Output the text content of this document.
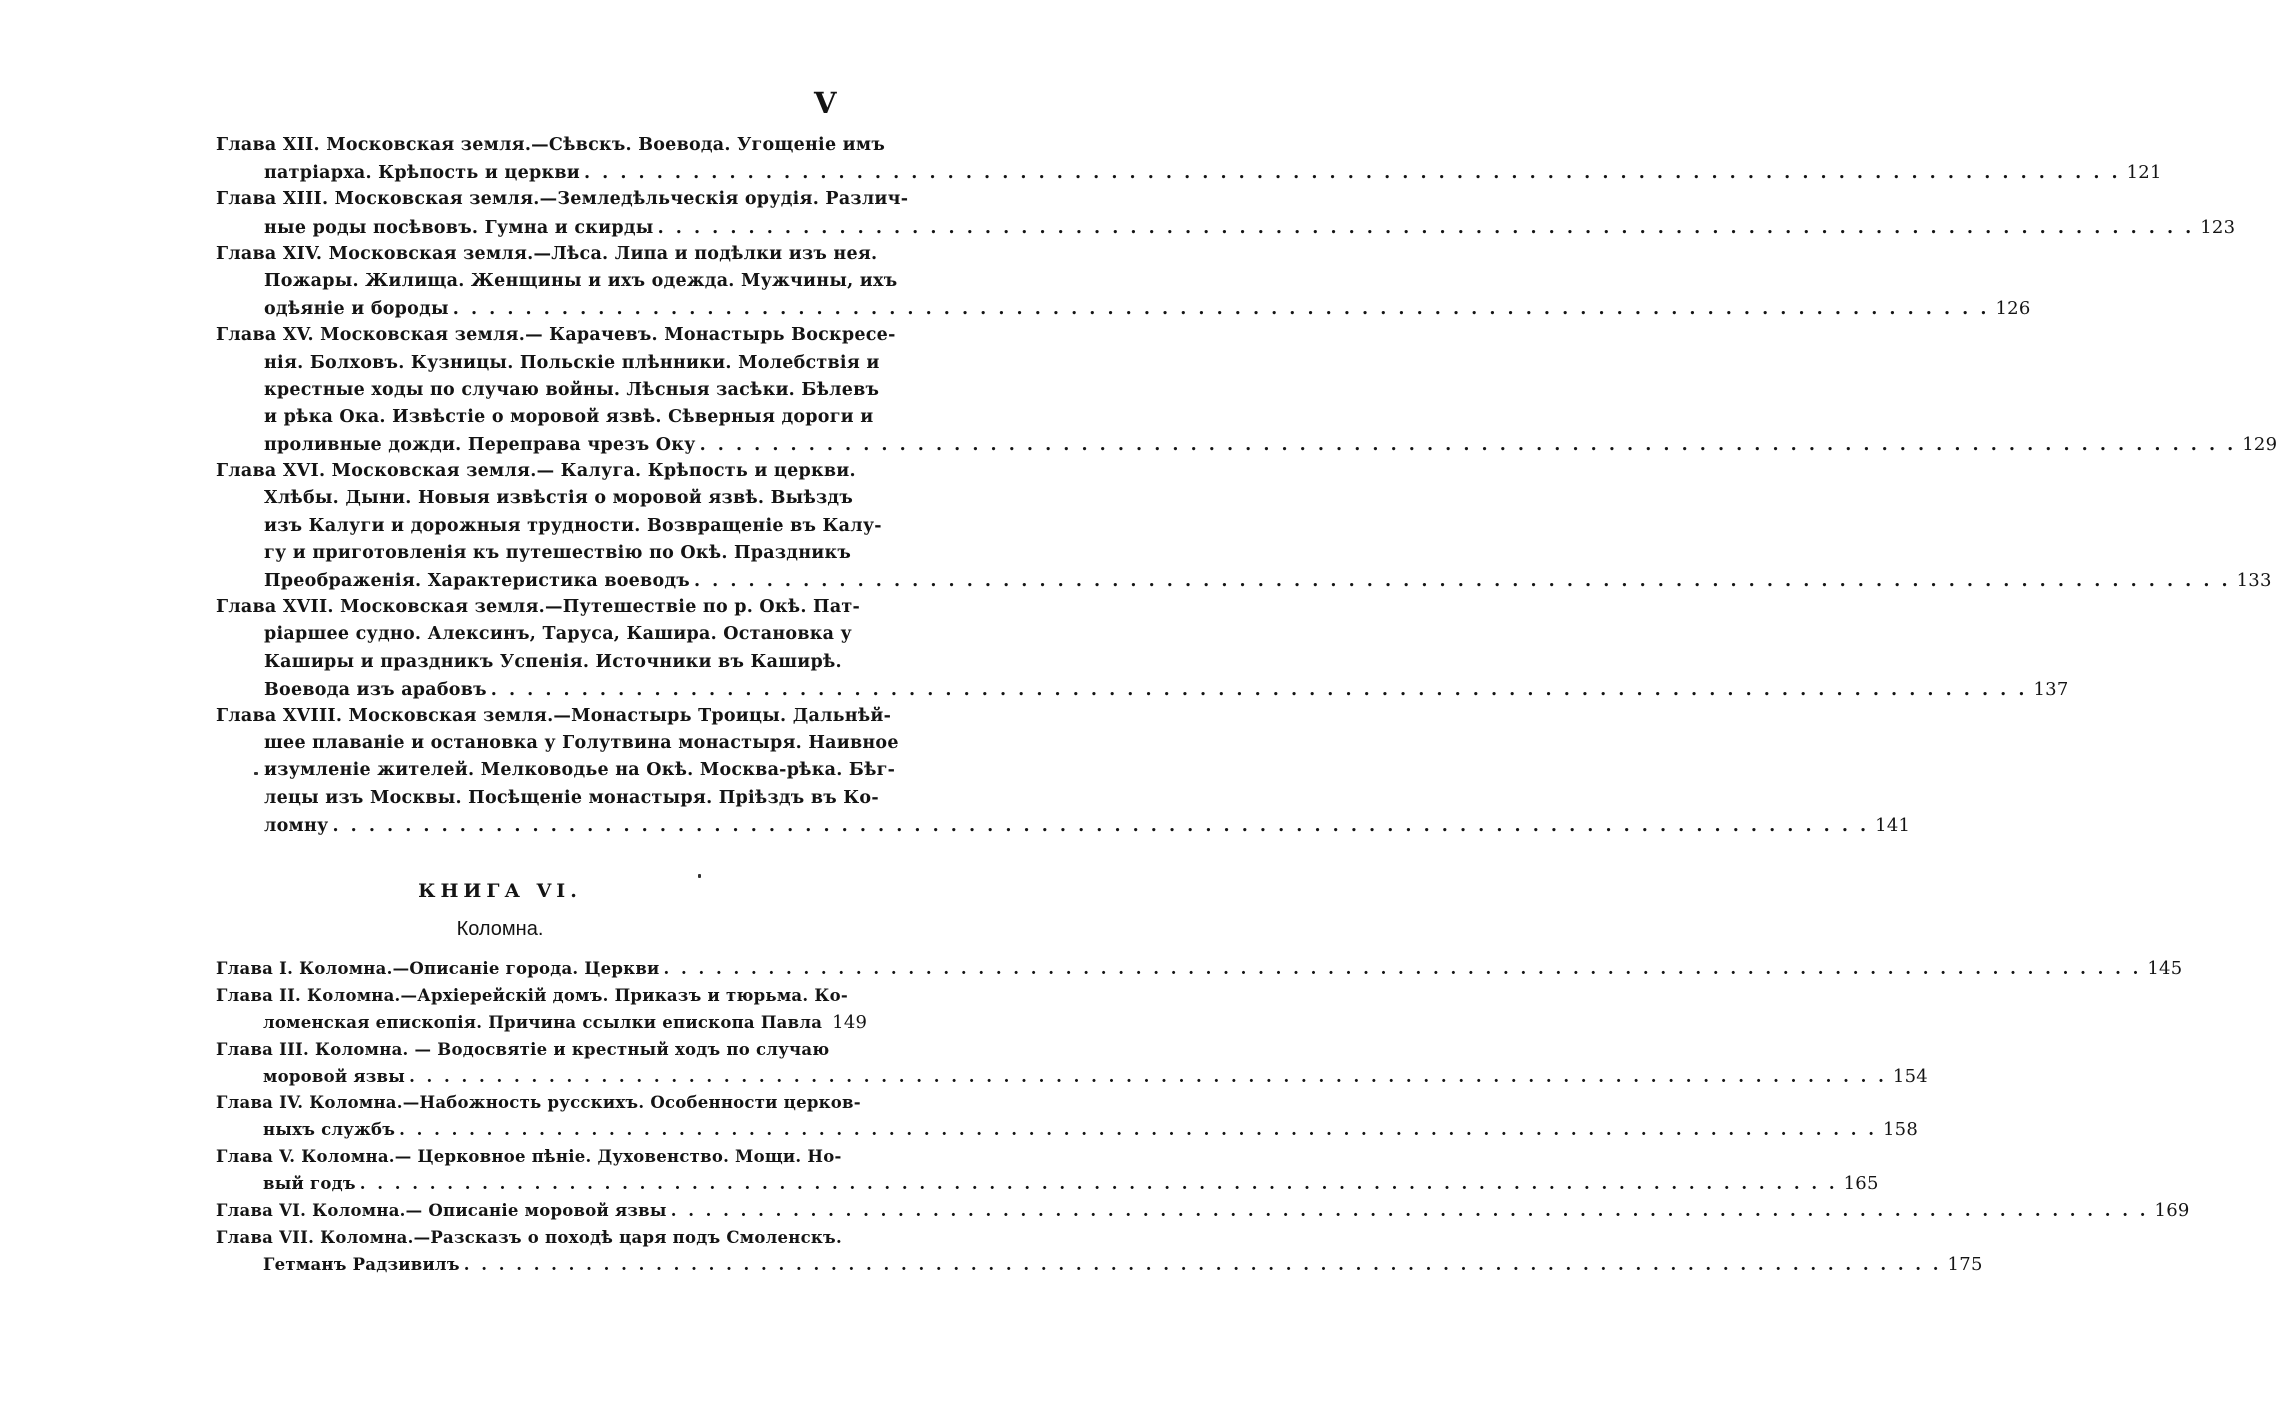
V
Глава XII. Московская земля.—Сѣвскъ. Воевода. Угощеніе имъ
патріарха. Крѣпость и церкви . . .	121
Глава XIII. Московская земля.—Земледѣльческія орудія. Различ-
ные роды посѣвовъ. Гумна и скирды . . .	123
Глава XIV. Московская земля.—Лѣса. Липа и подѣлки изъ нея.
Пожары. Жилища. Женщины и ихъ одежда. Мужчины, ихъ
одѣяніе и бороды . . .	126
Глава XV. Московская земля.— Карачевъ. Монастырь Воскресе-
нія. Болховъ. Кузницы. Польскіе плѣнники. Молебствія и
крестные ходы по случаю войны. Лѣсныя засѣки. Бѣлевъ
и рѣка Ока. Извѣстіе о моровой язвѣ. Сѣверныя дороги и
проливные дожди. Переправа чрезъ Оку . . .	129
Глава XVI. Московская земля.— Калуга. Крѣпость и церкви.
Хлѣбы. Дыни. Новыя извѣстія о моровой язвѣ. Выѣздъ
изъ Калуги и дорожныя трудности. Возвращеніе въ Калу-
гу и приготовленія къ путешествію по Окѣ. Праздникъ
Преображенія. Характеристика воеводъ . . .	133
Глава XVII. Московская земля.—Путешествіе по р. Окѣ. Пат-
ріаршее судно. Алексинъ, Таруса, Кашира. Остановка у
Каширы и праздникъ Успенія. Источники въ Каширѣ.
Воевода изъ арабовъ . . .	137
Глава XVIII. Московская земля.—Монастырь Троицы. Дальнѣй-
шее плаваніе и остановка у Голутвина монастыря. Наивное
изумленіе жителей. Мелководье на Окѣ. Москва-рѣка. Бѣг-
лецы изъ Москвы. Посѣщеніе монастыря. Пріѣздъ въ Ко-
ломну . . .	141
КНИГА VI.
Коломна.
Глава I. Коломна.—Описаніе города. Церкви . . .	145
Глава II. Коломна.—Архіерейскій домъ. Приказъ и тюрьма. Ко-
ломенская епископія. Причина ссылки епископа Павла 149
Глава III. Коломна. — Водосвятіе и крестный ходъ по случаю
моровой язвы . . .	154
Глава IV. Коломна.—Набожность русскихъ. Особенности церков-
ныхъ службъ . . .	158
Глава V. Коломна.— Церковное пѣніе. Духовенство. Мощи. Но-
вый годъ . . .	165
Глава VI. Коломна.— Описаніе моровой язвы . . .	169
Глава VII. Коломна.—Разсказъ о походѣ царя подъ Смоленскъ.
Гетманъ Радзивилъ . . .	175
